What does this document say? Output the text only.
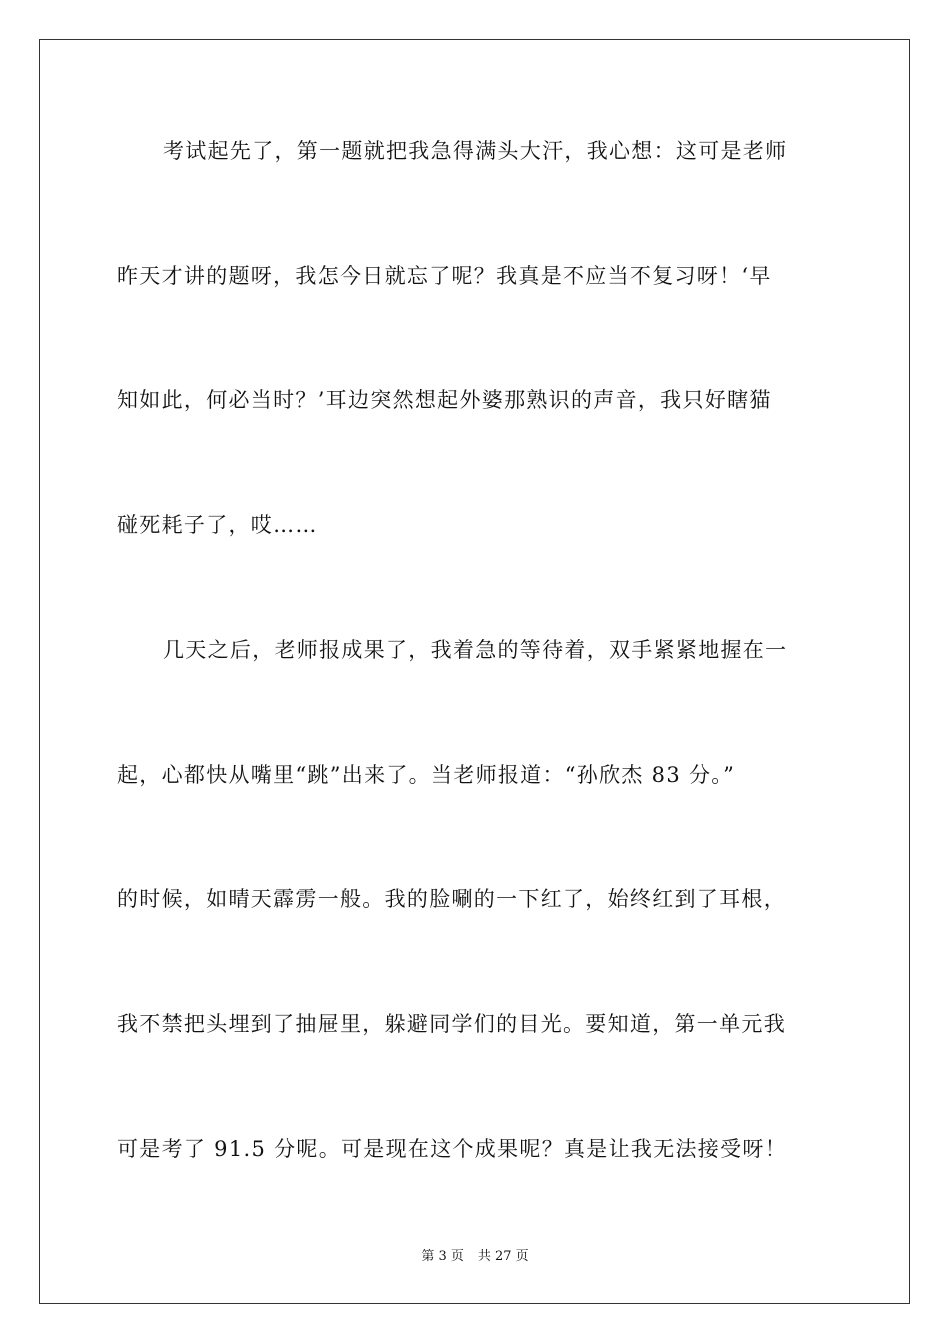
考试起先了，第一题就把我急得满头大汗，我心想：这可是老师
昨天才讲的题呀，我怎今日就忘了呢？我真是不应当不复习呀！‘早
知如此，何必当时？’耳边突然想起外婆那熟识的声音，我只好瞎猫
碰死耗子了，哎……
几天之后，老师报成果了，我着急的等待着，双手紧紧地握在一
起，心都快从嘴里“跳”出来了。当老师报道：“孙欣杰 83 分。”
的时候，如晴天霹雳一般。我的脸唰的一下红了，始终红到了耳根，
我不禁把头埋到了抽屉里，躲避同学们的目光。要知道，第一单元我
可是考了 91.5 分呢。可是现在这个成果呢？真是让我无法接受呀！
第 3 页 共 27 页
